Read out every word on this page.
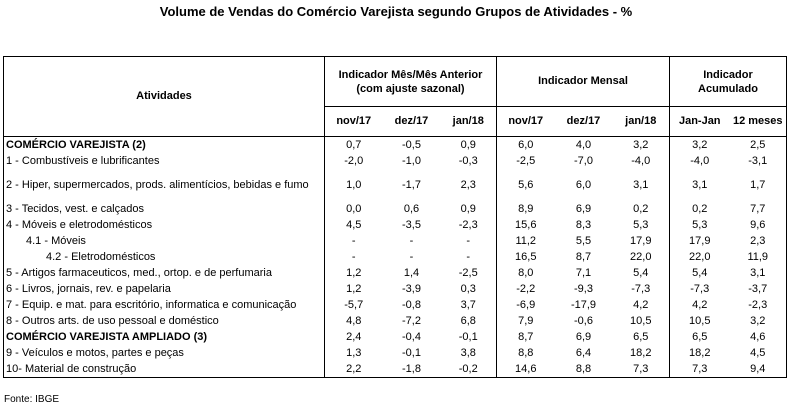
Volume de Vendas do Comércio Varejista segundo Grupos de Atividades - %
Atividades	Indicador Mês/Mês Anterior (com ajuste sazonal)			Indicador Mensal			Indicador Acumulado	
	nov/17	dez/17	jan/18	nov/17	dez/17	jan/18	Jan-Jan	12 meses
COMÉRCIO VAREJISTA (2)	0,7	-0,5	0,9	6,0	4,0	3,2	3,2	2,5
1 - Combustíveis e lubrificantes	-2,0	-1,0	-0,3	-2,5	-7,0	-4,0	-4,0	-3,1
2 - Hiper, supermercados, prods. alimentícios, bebidas e fumo	1,0	-1,7	2,3	5,6	6,0	3,1	3,1	1,7
3 - Tecidos, vest. e calçados	0,0	0,6	0,9	8,9	6,9	0,2	0,2	7,7
4 - Móveis e eletrodomésticos	4,5	-3,5	-2,3	15,6	8,3	5,3	5,3	9,6
4.1 - Móveis	-	-	-	11,2	5,5	17,9	17,9	2,3
4.2 - Eletrodomésticos	-	-	-	16,5	8,7	22,0	22,0	11,9
5 - Artigos farmaceuticos, med., ortop. e de perfumaria	1,2	1,4	-2,5	8,0	7,1	5,4	5,4	3,1
6 - Livros, jornais, rev. e papelaria	1,2	-3,9	0,3	-2,2	-9,3	-7,3	-7,3	-3,7
7 - Equip. e mat. para escritório, informatica e comunicação	-5,7	-0,8	3,7	-6,9	-17,9	4,2	4,2	-2,3
8 - Outros arts. de uso pessoal e doméstico	4,8	-7,2	6,8	7,9	-0,6	10,5	10,5	3,2
COMÉRCIO VAREJISTA AMPLIADO (3)	2,4	-0,4	-0,1	8,7	6,9	6,5	6,5	4,6
9 - Veículos e motos, partes e peças	1,3	-0,1	3,8	8,8	6,4	18,2	18,2	4,5
10- Material de construção	2,2	-1,8	-0,2	14,6	8,8	7,3	7,3	9,4
Fonte: IBGE
